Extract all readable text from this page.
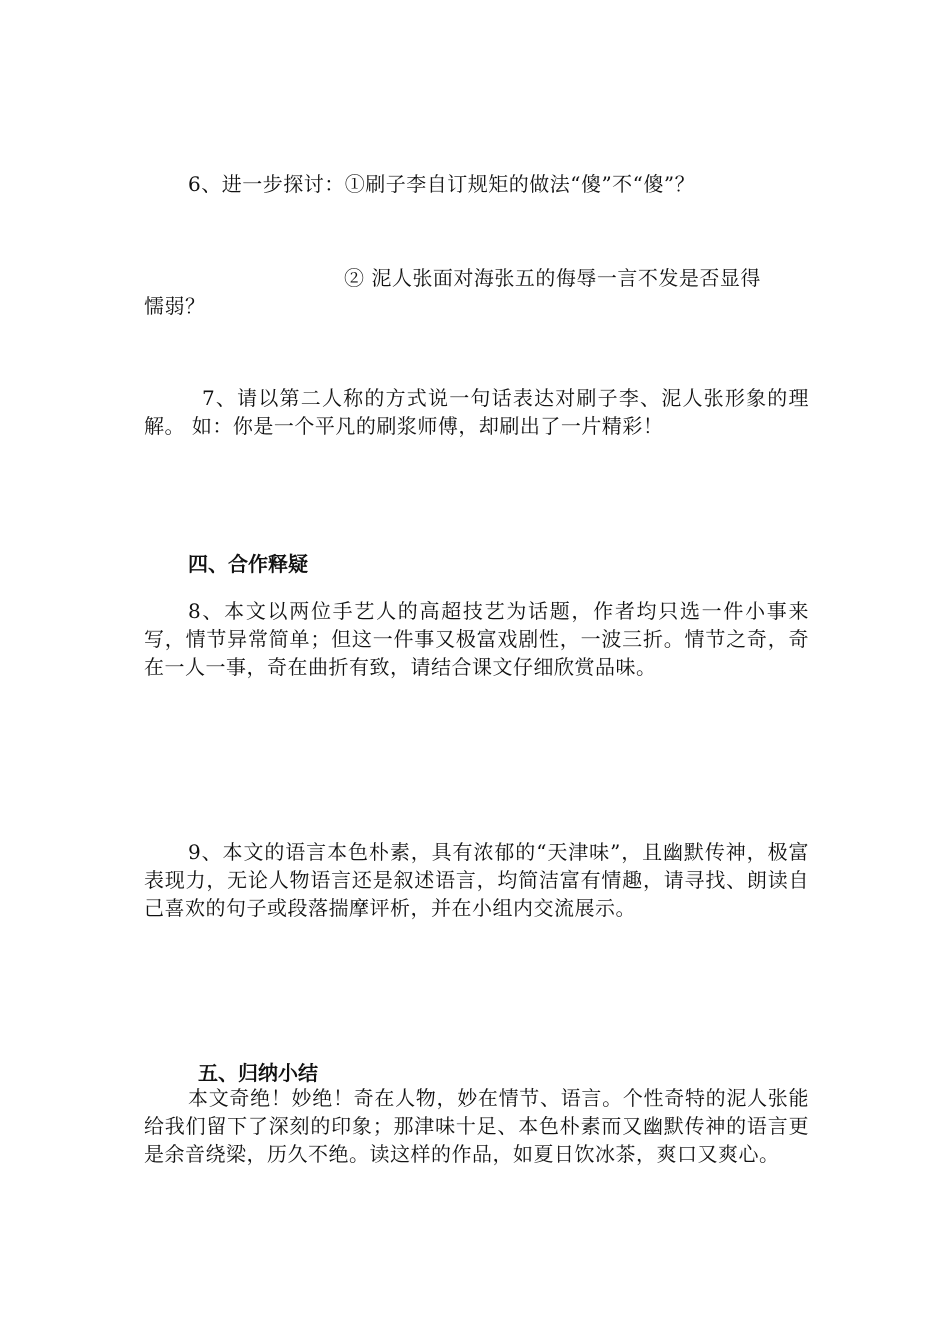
6、进一步探讨：①刷子李自订规矩的做法“傻”不“傻”？
② 泥人张面对海张五的侮辱一言不发是否显得
懦弱？
7、请以第二人称的方式说一句话表达对刷子李、泥人张形象的理解。 如：你是一个平凡的刷浆师傅，却刷出了一片精彩！
四、合作释疑
8、本文以两位手艺人的高超技艺为话题，作者均只选一件小事来写，情节异常简单；但这一件事又极富戏剧性，一波三折。情节之奇，奇在一人一事，奇在曲折有致，请结合课文仔细欣赏品味。
9、本文的语言本色朴素，具有浓郁的“天津味”，且幽默传神，极富表现力，无论人物语言还是叙述语言，均简洁富有情趣，请寻找、朗读自己喜欢的句子或段落揣摩评析，并在小组内交流展示。
五、归纳小结
本文奇绝！妙绝！奇在人物，妙在情节、语言。个性奇特的泥人张能给我们留下了深刻的印象；那津味十足、本色朴素而又幽默传神的语言更是余音绕梁，历久不绝。读这样的作品，如夏日饮冰茶，爽口又爽心。
